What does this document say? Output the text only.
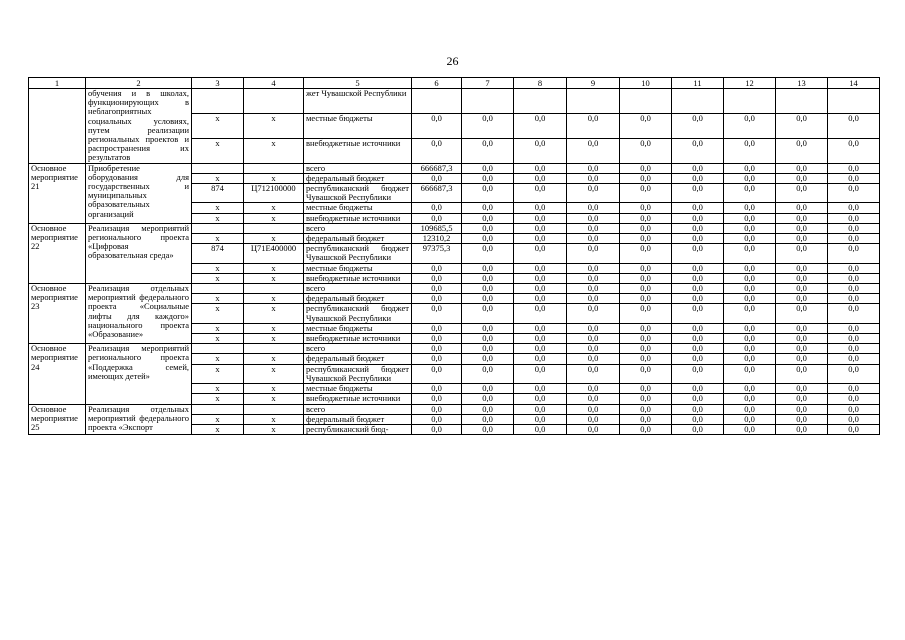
26
1	2	3	4	5	6	7	8	9	10	11	12	13	14
	обучения и в школах, функционирующих в неблагоприятных социальных условиях, путем реализации региональных проектов и распространения их результатов			жет Чувашской Республики									
		х	х	местные бюджеты	0,0	0,0	0,0	0,0	0,0	0,0	0,0	0,0	0,0
		х	х	внебюджетные источники	0,0	0,0	0,0	0,0	0,0	0,0	0,0	0,0	0,0
Основное мероприятие 21	Приобретение оборудования для государственных и муниципальных образовательных организаций			всего	666687,3	0,0	0,0	0,0	0,0	0,0	0,0	0,0	0,0
		х	х	федеральный бюджет	0,0	0,0	0,0	0,0	0,0	0,0	0,0	0,0	0,0
		874	Ц712100000	республиканский бюджет Чувашской Республики	666687,3	0,0	0,0	0,0	0,0	0,0	0,0	0,0	0,0
		х	х	местные бюджеты	0,0	0,0	0,0	0,0	0,0	0,0	0,0	0,0	0,0
		х	х	внебюджетные источники	0,0	0,0	0,0	0,0	0,0	0,0	0,0	0,0	0,0
Основное мероприятие 22	Реализация мероприятий регионального проекта «Цифровая образовательная среда»			всего	109685,5	0,0	0,0	0,0	0,0	0,0	0,0	0,0	0,0
		х	х	федеральный бюджет	12310,2	0,0	0,0	0,0	0,0	0,0	0,0	0,0	0,0
		874	Ц71E400000	республиканский бюджет Чувашской Республики	97375,3	0,0	0,0	0,0	0,0	0,0	0,0	0,0	0,0
		х	х	местные бюджеты	0,0	0,0	0,0	0,0	0,0	0,0	0,0	0,0	0,0
		х	х	внебюджетные источники	0,0	0,0	0,0	0,0	0,0	0,0	0,0	0,0	0,0
Основное мероприятие 23	Реализация отдельных мероприятий федерального проекта «Социальные лифты для каждого» национального проекта «Образование»			всего	0,0	0,0	0,0	0,0	0,0	0,0	0,0	0,0	0,0
		х	х	федеральный бюджет	0,0	0,0	0,0	0,0	0,0	0,0	0,0	0,0	0,0
		х	х	республиканский бюджет Чувашской Республики	0,0	0,0	0,0	0,0	0,0	0,0	0,0	0,0	0,0
		х	х	местные бюджеты	0,0	0,0	0,0	0,0	0,0	0,0	0,0	0,0	0,0
		х	х	внебюджетные источники	0,0	0,0	0,0	0,0	0,0	0,0	0,0	0,0	0,0
Основное мероприятие 24	Реализация мероприятий регионального проекта «Поддержка семей, имеющих детей»			всего	0,0	0,0	0,0	0,0	0,0	0,0	0,0	0,0	0,0
		х	х	федеральный бюджет	0,0	0,0	0,0	0,0	0,0	0,0	0,0	0,0	0,0
		х	х	республиканский бюджет Чувашской Республики	0,0	0,0	0,0	0,0	0,0	0,0	0,0	0,0	0,0
		х	х	местные бюджеты	0,0	0,0	0,0	0,0	0,0	0,0	0,0	0,0	0,0
		х	х	внебюджетные источники	0,0	0,0	0,0	0,0	0,0	0,0	0,0	0,0	0,0
Основное мероприятие 25	Реализация отдельных мероприятий федерального проекта «Экспорт			всего	0,0	0,0	0,0	0,0	0,0	0,0	0,0	0,0	0,0
		х	х	федеральный бюджет	0,0	0,0	0,0	0,0	0,0	0,0	0,0	0,0	0,0
		х	х	республиканский бюд-	0,0	0,0	0,0	0,0	0,0	0,0	0,0	0,0	0,0
